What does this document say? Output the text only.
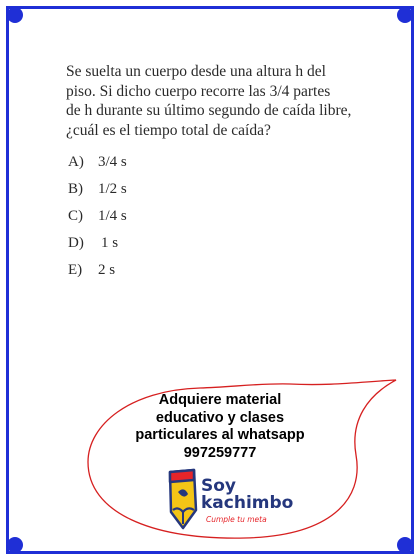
Se suelta un cuerpo desde una altura h del
piso. Si dicho cuerpo recorre las 3/4 partes
de h durante su último segundo de caída libre,
¿cuál es el tiempo total de caída?
A) 3/4 s
B)	1/2 s
C)	1/4 s
D)	1 s
E)	2 s
Adquiere material
educativo y clases
particulares al whatsapp
997259777
Soy
kachimbo
Cumple tu meta
